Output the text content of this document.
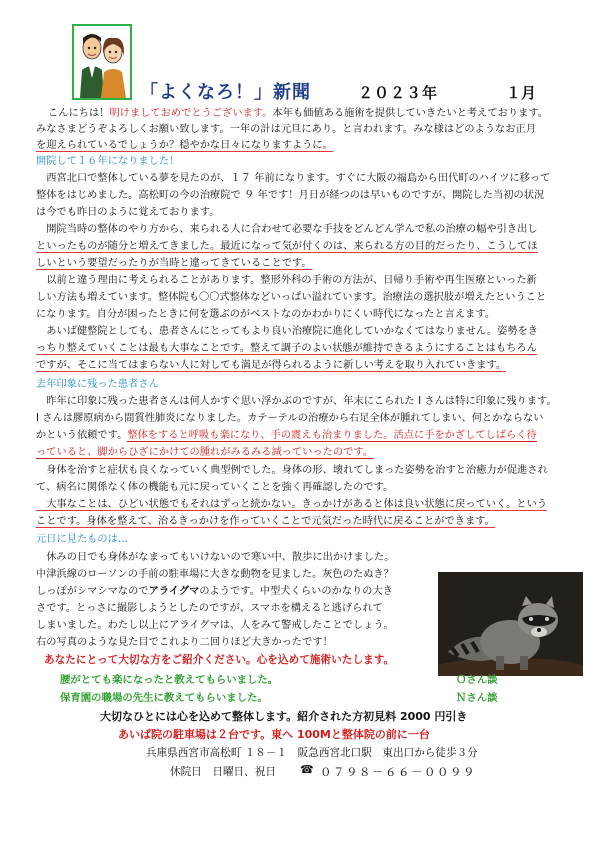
「よくなろ！」新聞	２０２３年	１月
こんにちは！明けましておめでとうございます。本年も価値ある施術を提供していきたいと考えております。
みなさまどうぞよろしくお願い致します。一年の計は元旦にあり。と言われます。みな様はどのようなお正月
を迎えられているでしょうか？穏やかな日々になりますように。
開院して１６年になりました！
　西宮北口で整体している夢を見たのが、１７ 年前になります。すぐに大阪の福島から田代町のハイツに移って
整体をはじめました。高松町の今の治療院で ９ 年です！月日が経つのは早いものですが、開院した当初の状況
は今でも昨日のように覚えております。
　開院当時の整体のやり方から、来られる人に合わせて必要な手技をどんどん学んで私の治療の幅や引き出し
といったものが随分と増えてきました。最近になって気が付くのは、来られる方の目的だったり、こうしてほ
しいという要望だったりが当時と違ってきていることです。
　以前と違う理由に考えられることがあります。整形外科の手術の方法が、日帰り手術や再生医療といった新
しい方法も増えています。整体院も〇〇式整体などいっぱい溢れています。治療法の選択肢が増えたということ
になります。自分が困ったときに何を選ぶのがベストなのかわかりにくい時代になったと言えます。
　あいば健整院としても、患者さんにとってもより良い治療院に進化していかなくてはなりません。姿勢をき
っちり整えていくことは最も大事なことです。整えて調子のよい状態が維持できるようにすることはもちろん
ですが、そこに当てはまらない人に対しても満足が得られるように新しい考えを取り入れていきます。
去年印象に残った患者さん
　昨年に印象に残った患者さんは何人かすぐ思い浮かぶのですが、年末にこられた I さんは特に印象に残ります。
I さんは膠原病から間質性肺炎になりました。カテーテルの治療から右足全体が腫れてしまい、何とかならない
かという依頼です。整体をすると呼吸も楽になり、手の震えも治まりました。活点に手をかざしてしばらく待
っていると、脚からひざにかけての腫れがみるみる減っていったのです。
　身体を治すと症状も良くなっていく典型例でした。身体の形、壊れてしまった姿勢を治すと治癒力が促進され
て、病名に関係なく体の機能も元に戻っていくことを強く再確認したのです。
　大事なことは、ひどい状態でもそれはずっと続かない。きっかけがあると体は良い状態に戻っていく。という
ことです。身体を整えて、治るきっかけを作っていくことで元気だった時代に戻ることができます。
元日に見たものは…
　休みの日でも身体がなまってもいけないので寒い中、散歩に出かけました。
中津浜線のローソンの手前の駐車場に大きな動物を見ました。灰色のたぬき？
しっぽがシマシマなのでアライグマのようです。中型犬くらいのかなりの大き
さです。とっさに撮影しようとしたのですが、スマホを構えると逃げられて
しまいました。わたし以上にアライグマは、人をみて警戒したことでしょう。
右の写真のような見た目でこれより二回りほど大きかったです！
あなたにとって大切な方をご紹介ください。心を込めて施術いたします。
腰がとても楽になったと教えてもらいました。	Ｏさん談
保育園の職場の先生に教えてもらいました。	Ｎさん談
大切なひとには心を込めて整体します。紹介された方初見料 2000 円引き
あいば院の駐車場は２台です。東へ 100Mと整体院の前に一台
兵庫県西宮市高松町 １８－１　阪急西宮北口駅　東出口から徒歩３分
休院日　日曜日、祝日 ☎ ０７９８－６６－００９９
